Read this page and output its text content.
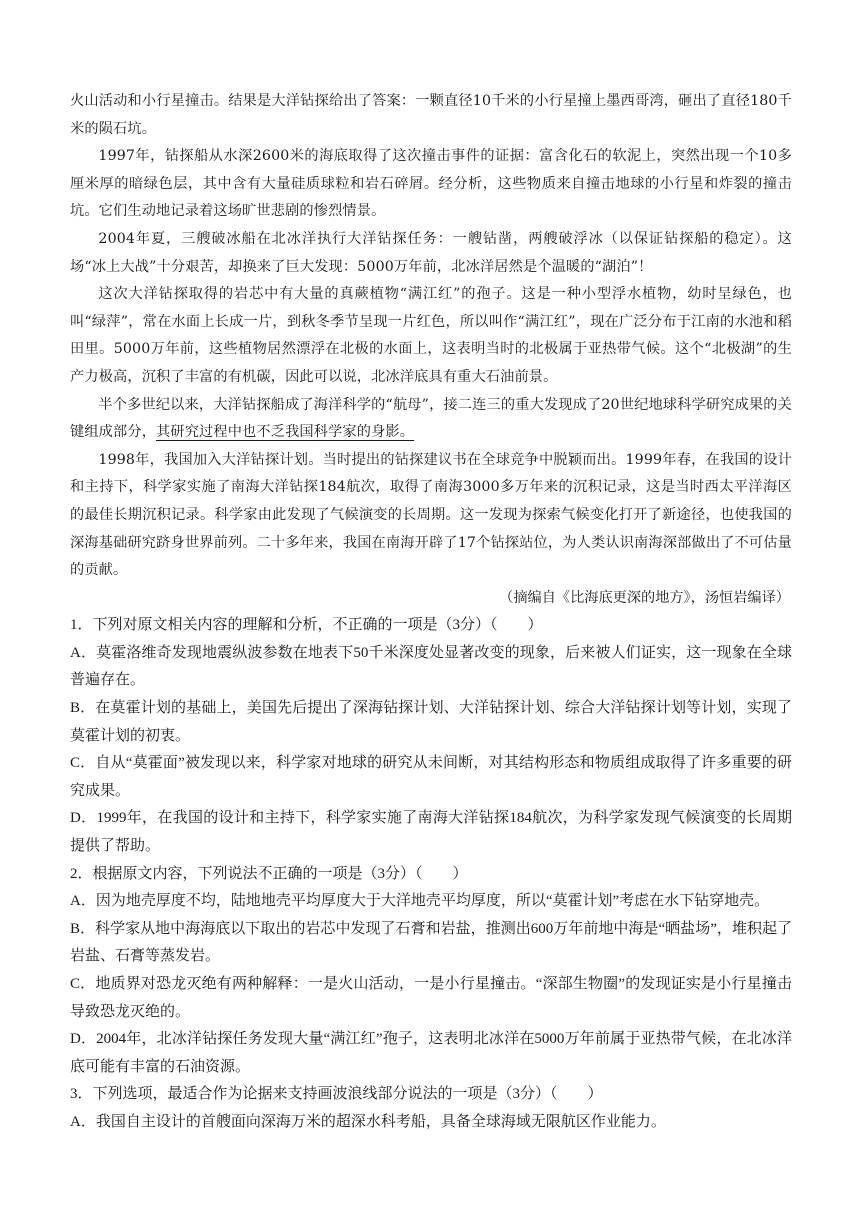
火山活动和小行星撞击。结果是大洋钻探给出了答案：一颗直径10千米的小行星撞上墨西哥湾，砸出了直径180千米的陨石坑。

1997年，钻探船从水深2600米的海底取得了这次撞击事件的证据：富含化石的软泥上，突然出现一个10多厘米厚的暗绿色层，其中含有大量硅质球粒和岩石碎屑。经分析，这些物质来自撞击地球的小行星和炸裂的撞击坑。它们生动地记录着这场旷世悲剧的惨烈情景。

2004年夏，三艘破冰船在北冰洋执行大洋钻探任务：一艘钻凿，两艘破浮冰（以保证钻探船的稳定）。这场“冰上大战”十分艰苦，却换来了巨大发现：5000万年前，北冰洋居然是个温暖的“湖泊”！

这次大洋钻探取得的岩芯中有大量的真蕨植物“满江红”的孢子。这是一种小型浮水植物，幼时呈绿色，也叫“绿萍”，常在水面上长成一片，到秋冬季节呈现一片红色，所以叫作“满江红”，现在广泛分布于江南的水池和稻田里。5000万年前，这些植物居然漂浮在北极的水面上，这表明当时的北极属于亚热带气候。这个“北极湖”的生产力极高，沉积了丰富的有机碳，因此可以说，北冰洋底具有重大石油前景。

半个多世纪以来，大洋钻探船成了海洋科学的“航母”，接二连三的重大发现成了20世纪地球科学研究成果的关键组成部分，其研究过程中也不乏我国科学家的身影。

1998年，我国加入大洋钻探计划。当时提出的钻探建议书在全球竞争中脱颖而出。1999年春，在我国的设计和主持下，科学家实施了南海大洋钻探184航次，取得了南海3000多万年来的沉积记录，这是当时西太平洋海区的最佳长期沉积记录。科学家由此发现了气候演变的长周期。这一发现为探索气候变化打开了新途径，也使我国的深海基础研究跻身世界前列。二十多年来，我国在南海开辟了17个钻探站位，为人类认识南海深部做出了不可估量的贡献。

（摘编自《比海底更深的地方》，汤恒岩编译）

1．下列对原文相关内容的理解和分析，不正确的一项是（3分）（　　）

A．莫霍洛维奇发现地震纵波参数在地表下50千米深度处显著改变的现象，后来被人们证实，这一现象在全球普遍存在。

B．在莫霍计划的基础上，美国先后提出了深海钻探计划、大洋钻探计划、综合大洋钻探计划等计划，实现了莫霍计划的初衷。

C．自从“莫霍面”被发现以来，科学家对地球的研究从未间断，对其结构形态和物质组成取得了许多重要的研究成果。

D．1999年，在我国的设计和主持下，科学家实施了南海大洋钻探184航次，为科学家发现气候演变的长周期提供了帮助。

2．根据原文内容，下列说法不正确的一项是（3分）（　　）

A．因为地壳厚度不均，陆地地壳平均厚度大于大洋地壳平均厚度，所以“莫霍计划”考虑在水下钻穿地壳。

B．科学家从地中海海底以下取出的岩芯中发现了石膏和岩盐，推测出600万年前地中海是“晒盐场”，堆积起了岩盐、石膏等蒸发岩。

C．地质界对恐龙灭绝有两种解释：一是火山活动，一是小行星撞击。“深部生物圈”的发现证实是小行星撞击导致恐龙灭绝的。

D．2004年，北冰洋钻探任务发现大量“满江红”孢子，这表明北冰洋在5000万年前属于亚热带气候，在北冰洋底可能有丰富的石油资源。

3．下列选项，最适合作为论据来支持画波浪线部分说法的一项是（3分）（　　）

A．我国自主设计的首艘面向深海万米的超深水科考船，具备全球海域无限航区作业能力。
